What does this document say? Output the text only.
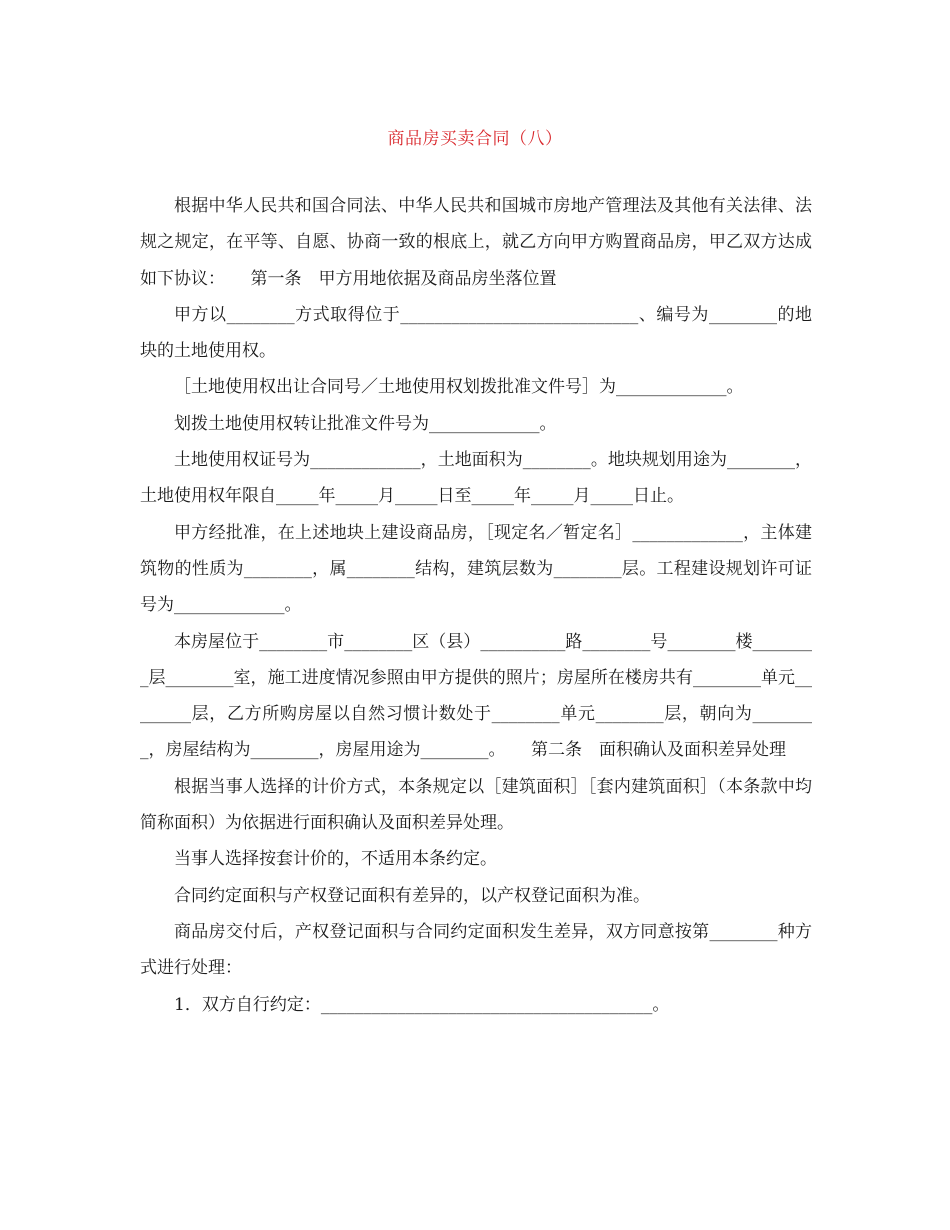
商品房买卖合同（八）

根据中华人民共和国合同法、中华人民共和国城市房地产管理法及其他有关法律、法规之规定，在平等、自愿、协商一致的根底上，就乙方向甲方购置商品房，甲乙双方达成如下协议：　　第一条　甲方用地依据及商品房坐落位置

甲方以________方式取得位于____________________________、编号为________的地块的土地使用权。

［土地使用权出让合同号／土地使用权划拨批准文件号］为_____________。

划拨土地使用权转让批准文件号为_____________。

土地使用权证号为_____________，土地面积为________。地块规划用途为________，土地使用权年限自_____年_____月_____日至_____年_____月_____日止。

甲方经批准，在上述地块上建设商品房，［现定名／暂定名］_____________，主体建筑物的性质为________，属________结构，建筑层数为________层。工程建设规划许可证号为_____________。

本房屋位于________市________区（县）__________路________号________楼________层________室，施工进度情况参照由甲方提供的照片；房屋所在楼房共有________单元________层，乙方所购房屋以自然习惯计数处于________单元________层，朝向为________，房屋结构为________，房屋用途为________。　　第二条　面积确认及面积差异处理

根据当事人选择的计价方式，本条规定以［建筑面积］［套内建筑面积］（本条款中均简称面积）为依据进行面积确认及面积差异处理。

当事人选择按套计价的，不适用本条约定。

合同约定面积与产权登记面积有差异的，以产权登记面积为准。

商品房交付后，产权登记面积与合同约定面积发生差异，双方同意按第________种方式进行处理：

1．双方自行约定：_______________________________________。
